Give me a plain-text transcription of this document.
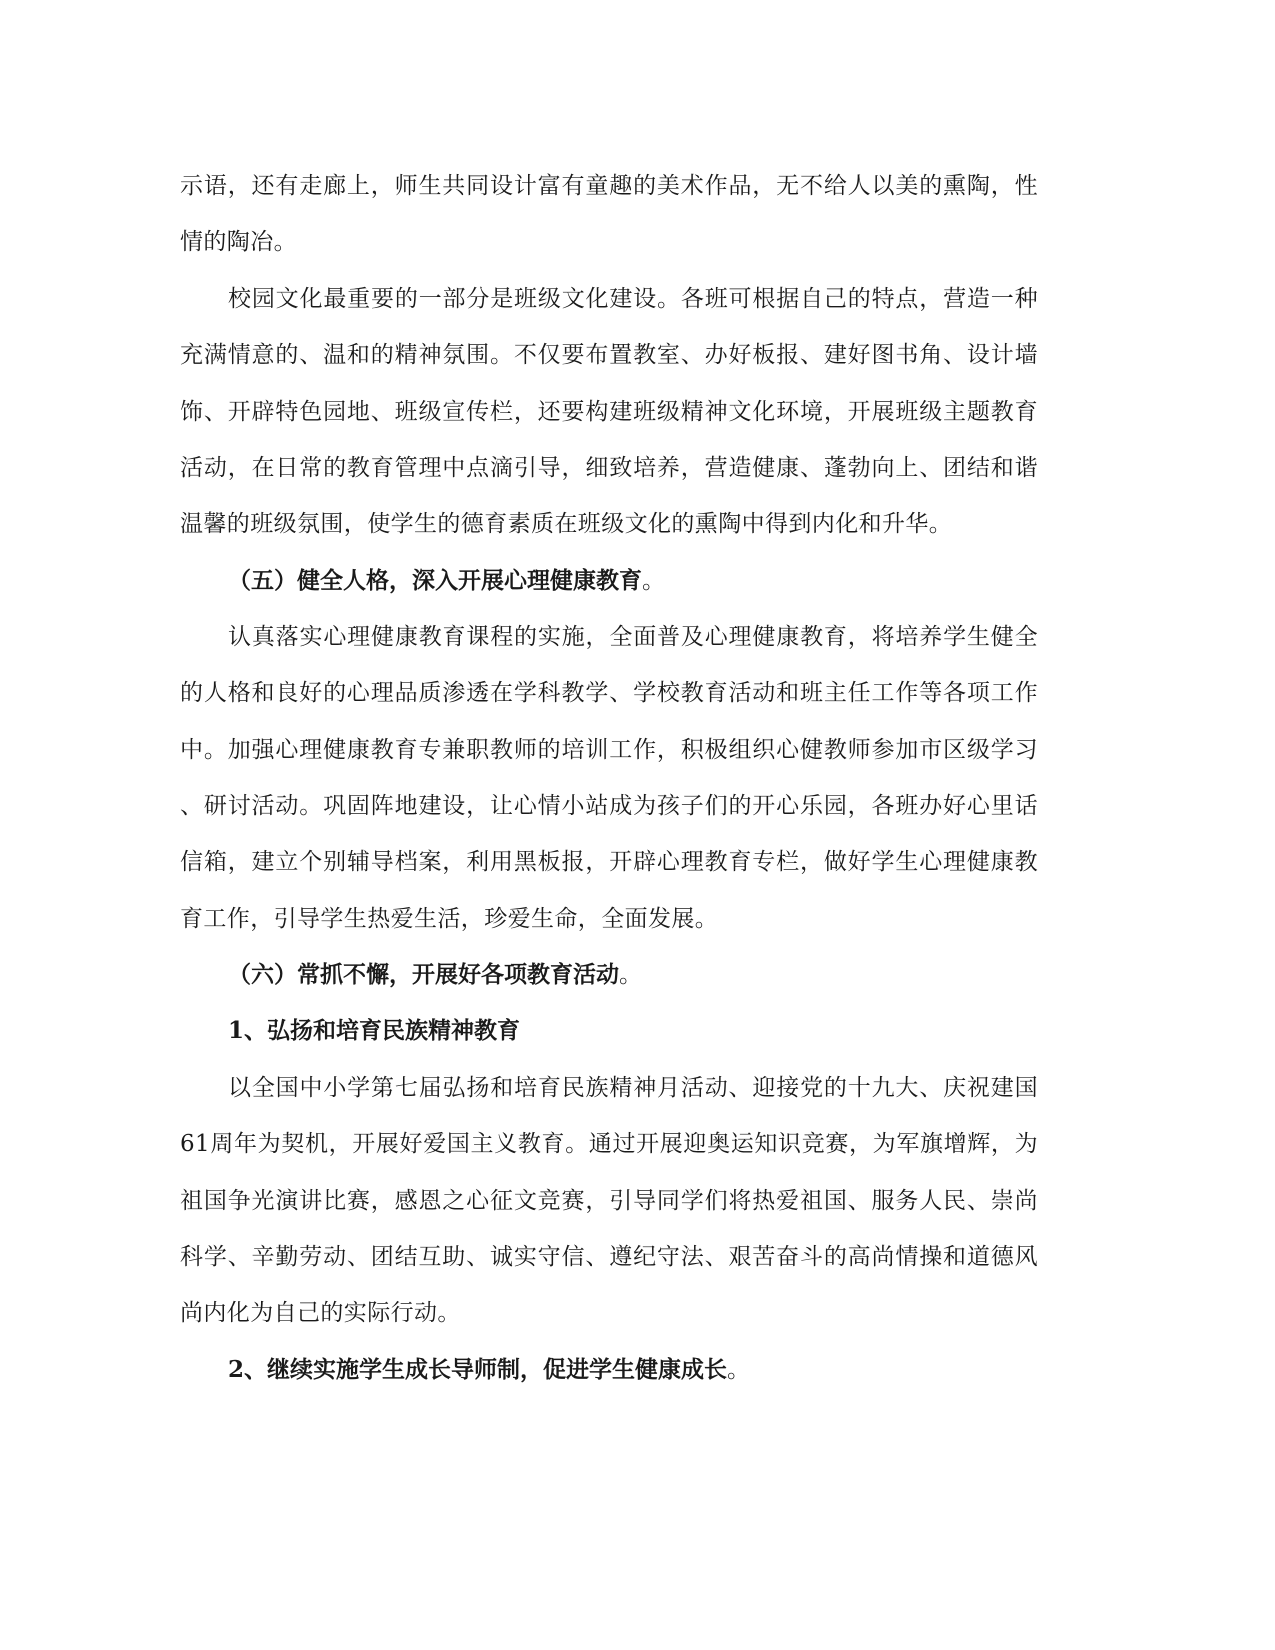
示语，还有走廊上，师生共同设计富有童趣的美术作品，无不给人以美的熏陶，性
情的陶冶。
校园文化最重要的一部分是班级文化建设。各班可根据自己的特点，营造一种
充满情意的、温和的精神氛围。不仅要布置教室、办好板报、建好图书角、设计墙
饰、开辟特色园地、班级宣传栏，还要构建班级精神文化环境，开展班级主题教育
活动，在日常的教育管理中点滴引导，细致培养，营造健康、蓬勃向上、团结和谐
温馨的班级氛围，使学生的德育素质在班级文化的熏陶中得到内化和升华。
（五）健全人格，深入开展心理健康教育。
认真落实心理健康教育课程的实施，全面普及心理健康教育，将培养学生健全
的人格和良好的心理品质渗透在学科教学、学校教育活动和班主任工作等各项工作
中。加强心理健康教育专兼职教师的培训工作，积极组织心健教师参加市区级学习
、研讨活动。巩固阵地建设，让心情小站成为孩子们的开心乐园，各班办好心里话
信箱，建立个别辅导档案，利用黑板报，开辟心理教育专栏，做好学生心理健康教
育工作，引导学生热爱生活，珍爱生命，全面发展。
（六）常抓不懈，开展好各项教育活动。
1、弘扬和培育民族精神教育
以全国中小学第七届弘扬和培育民族精神月活动、迎接党的十九大、庆祝建国
61周年为契机，开展好爱国主义教育。通过开展迎奥运知识竞赛，为军旗增辉，为
祖国争光演讲比赛，感恩之心征文竞赛，引导同学们将热爱祖国、服务人民、崇尚
科学、辛勤劳动、团结互助、诚实守信、遵纪守法、艰苦奋斗的高尚情操和道德风
尚内化为自己的实际行动。
2、继续实施学生成长导师制，促进学生健康成长。
